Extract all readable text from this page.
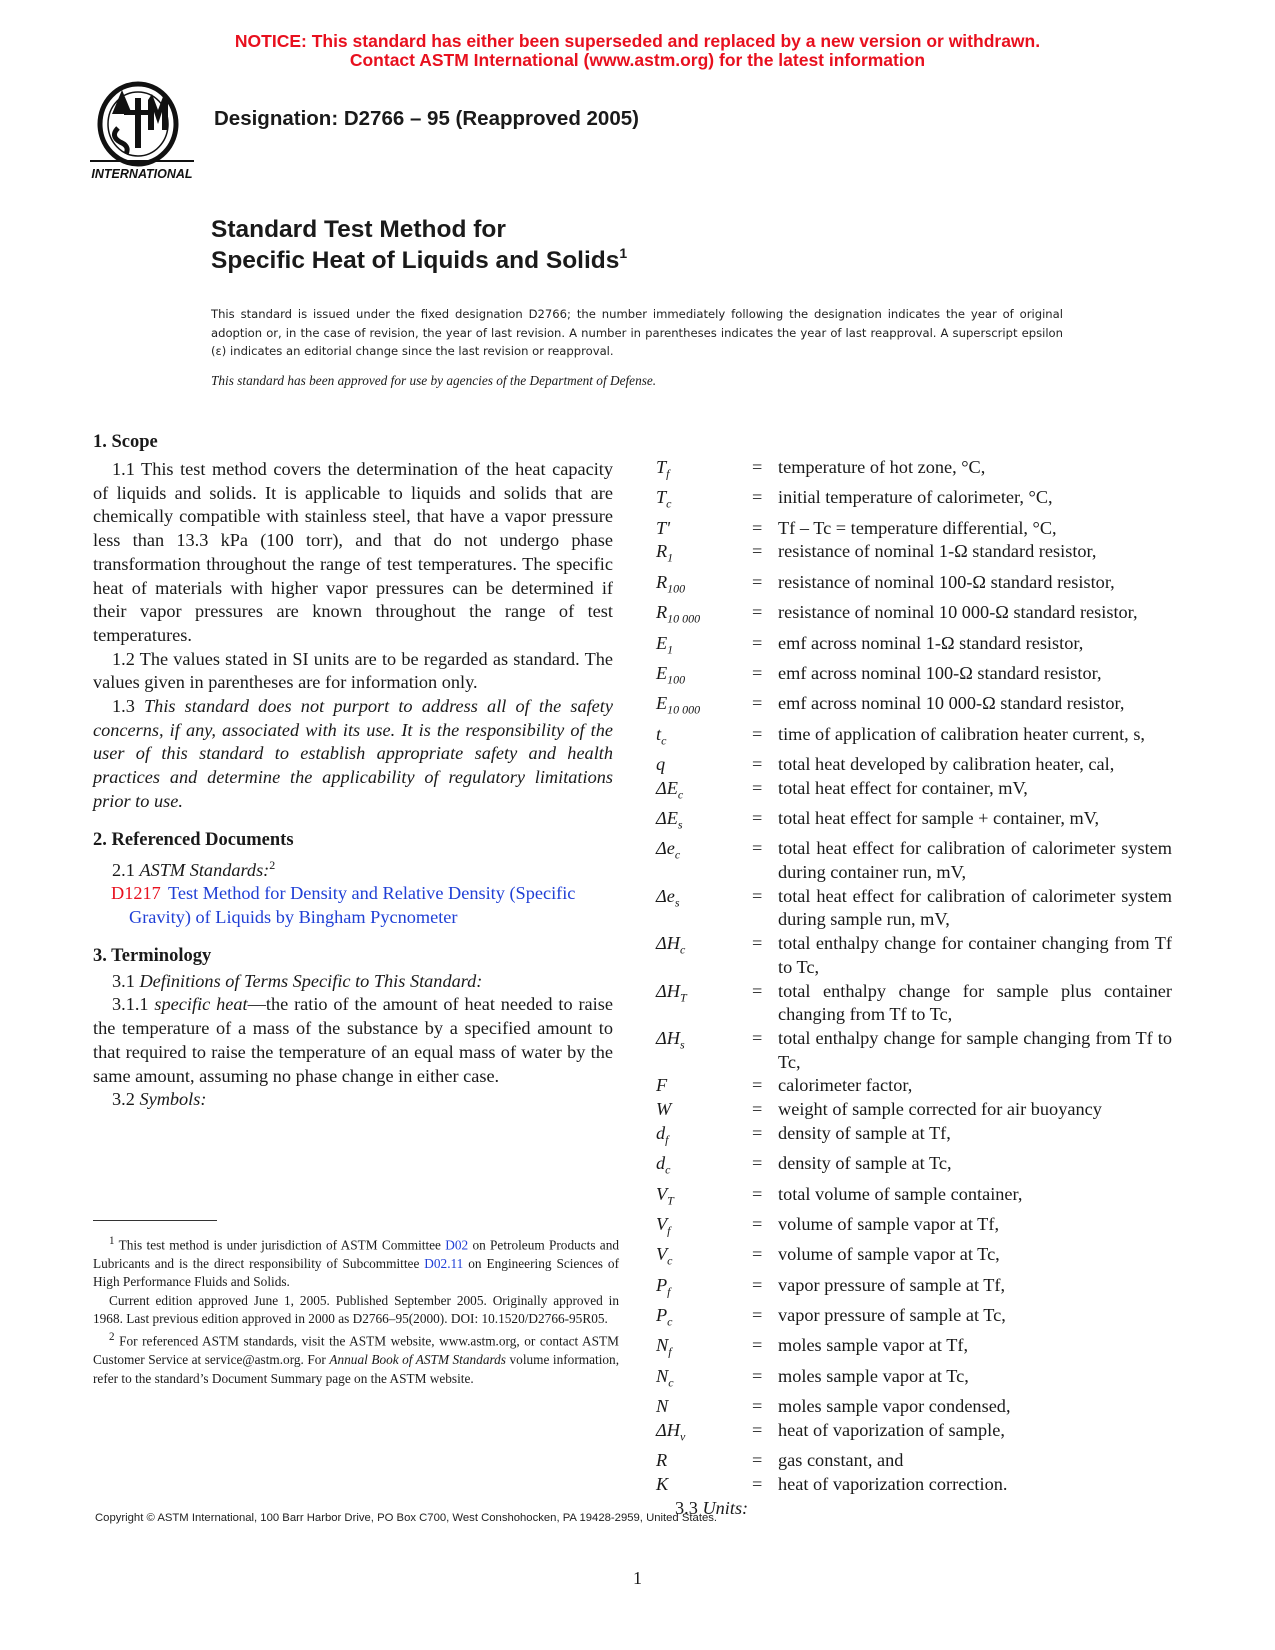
NOTICE: This standard has either been superseded and replaced by a new version or withdrawn.
Contact ASTM International (www.astm.org) for the latest information
INTERNATIONAL
Designation: D2766 – 95 (Reapproved 2005)
Standard Test Method for
Specific Heat of Liquids and Solids$^1$
This standard is issued under the fixed designation D2766; the number immediately following the designation indicates the year of original adoption or, in the case of revision, the year of last revision. A number in parentheses indicates the year of last reapproval. A superscript epsilon (ε) indicates an editorial change since the last revision or reapproval.
This standard has been approved for use by agencies of the Department of Defense.
1. Scope

1.1 This test method covers the determination of the heat capacity of liquids and solids. It is applicable to liquids and solids that are chemically compatible with stainless steel, that have a vapor pressure less than 13.3 kPa (100 torr), and that do not undergo phase transformation throughout the range of test temperatures. The specific heat of materials with higher vapor pressures can be determined if their vapor pressures are known throughout the range of test temperatures.

1.2 The values stated in SI units are to be regarded as standard. The values given in parentheses are for information only.

1.3 This standard does not purport to address all of the safety concerns, if any, associated with its use. It is the responsibility of the user of this standard to establish appropriate safety and health practices and determine the applicability of regulatory limitations prior to use.

2. Referenced Documents

2.1 ASTM Standards:$^2$

D1217 Test Method for Density and Relative Density (Specific Gravity) of Liquids by Bingham Pycnometer

3. Terminology

3.1 Definitions of Terms Specific to This Standard:

3.1.1 specific heat—the ratio of the amount of heat needed to raise the temperature of a mass of the substance by a specified amount to that required to raise the temperature of an equal mass of water by the same amount, assuming no phase change in either case.

3.2 Symbols:

$T_f$	= temperature of hot zone, °C,
$T_c$	= initial temperature of calorimeter, °C,
T'	= Tf – Tc = temperature differential, °C,
$R_1$	= resistance of nominal 1-Ω standard resistor,
$R_{100}$	= resistance of nominal 100-Ω standard resistor,
$R_{10 000}$	= resistance of nominal 10 000-Ω standard resistor,
$E_1$	= emf across nominal 1-Ω standard resistor,
$E_{100}$	= emf across nominal 100-Ω standard resistor,
$E_{10 000}$	= emf across nominal 10 000-Ω standard resistor,
$t_c$	= time of application of calibration heater current, s,
q	= total heat developed by calibration heater, cal,
$\Delta E_c$	= total heat effect for container, mV,
$\Delta E_s$	= total heat effect for sample + container, mV,
$\Delta e_c$	= total heat effect for calibration of calorimeter system during container run, mV,
$\Delta e_s$	= total heat effect for calibration of calorimeter system during sample run, mV,
$\Delta H_c$	= total enthalpy change for container changing from Tf to Tc,
$\Delta H_T$	= total enthalpy change for sample plus container changing from Tf to Tc,
$\Delta H_s$	= total enthalpy change for sample changing from Tf to Tc,
F	= calorimeter factor,
W	= weight of sample corrected for air buoyancy
$d_f$	= density of sample at Tf,
$d_c$	= density of sample at Tc,
$V_T$	= total volume of sample container,
$V_f$	= volume of sample vapor at Tf,
$V_c$	= volume of sample vapor at Tc,
$P_f$	= vapor pressure of sample at Tf,
$P_c$	= vapor pressure of sample at Tc,
$N_f$	= moles sample vapor at Tf,
$N_c$	= moles sample vapor at Tc,
N	= moles sample vapor condensed,
$\Delta H_v$	= heat of vaporization of sample,
R	= gas constant, and
K	= heat of vaporization correction.
3.3 Units:

$^1$ This test method is under jurisdiction of ASTM Committee D02 on Petroleum Products and Lubricants and is the direct responsibility of Subcommittee D02.11 on Engineering Sciences of High Performance Fluids and Solids.

Current edition approved June 1, 2005. Published September 2005. Originally approved in 1968. Last previous edition approved in 2000 as D2766–95(2000). DOI: 10.1520/D2766-95R05.

$^2$ For referenced ASTM standards, visit the ASTM website, www.astm.org, or contact ASTM Customer Service at service@astm.org. For Annual Book of ASTM Standards volume information, refer to the standard’s Document Summary page on the ASTM website.

Copyright © ASTM International, 100 Barr Harbor Drive, PO Box C700, West Conshohocken, PA 19428-2959, United States.
1
